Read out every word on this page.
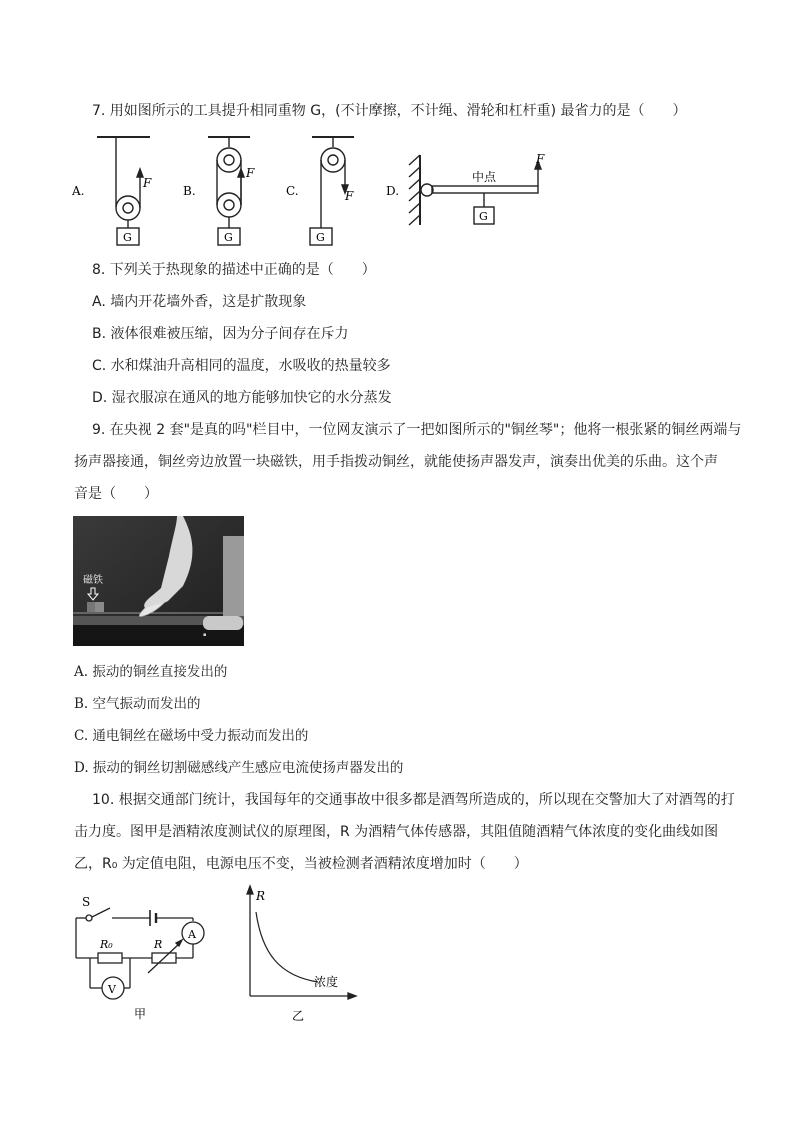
7. 用如图所示的工具提升相同重物 G，(不计摩擦，不计绳、滑轮和杠杆重) 最省力的是（　　）
A.
F
G
B.
F
G
C.	F
G
D.
中点
F
G
8. 下列关于热现象的描述中正确的是（　　）
A. 墙内开花墙外香，这是扩散现象
B. 液体很难被压缩，因为分子间存在斥力
C. 水和煤油升高相同的温度，水吸收的热量较多
D. 湿衣服凉在通风的地方能够加快它的水分蒸发
9. 在央视 2 套"是真的吗"栏目中，一位网友演示了一把如图所示的"铜丝琴"；他将一根张紧的铜丝两端与
扬声器接通，铜丝旁边放置一块磁铁，用手指拨动铜丝，就能使扬声器发声，演奏出优美的乐曲。这个声
音是（　　）
▪
磁铁
A. 振动的铜丝直接发出的
B. 空气振动而发出的
C. 通电铜丝在磁场中受力振动而发出的
D. 振动的铜丝切割磁感线产生感应电流使扬声器发出的
10. 根据交通部门统计，我国每年的交通事故中很多都是酒驾所造成的，所以现在交警加大了对酒驾的打
击力度。图甲是酒精浓度测试仪的原理图，R 为酒精气体传感器，其阻值随酒精气体浓度的变化曲线如图
乙，R₀ 为定值电阻，电源电压不变，当被检测者酒精浓度增加时（　　）
S
R₀	R
A
V
甲
R
浓度
乙
